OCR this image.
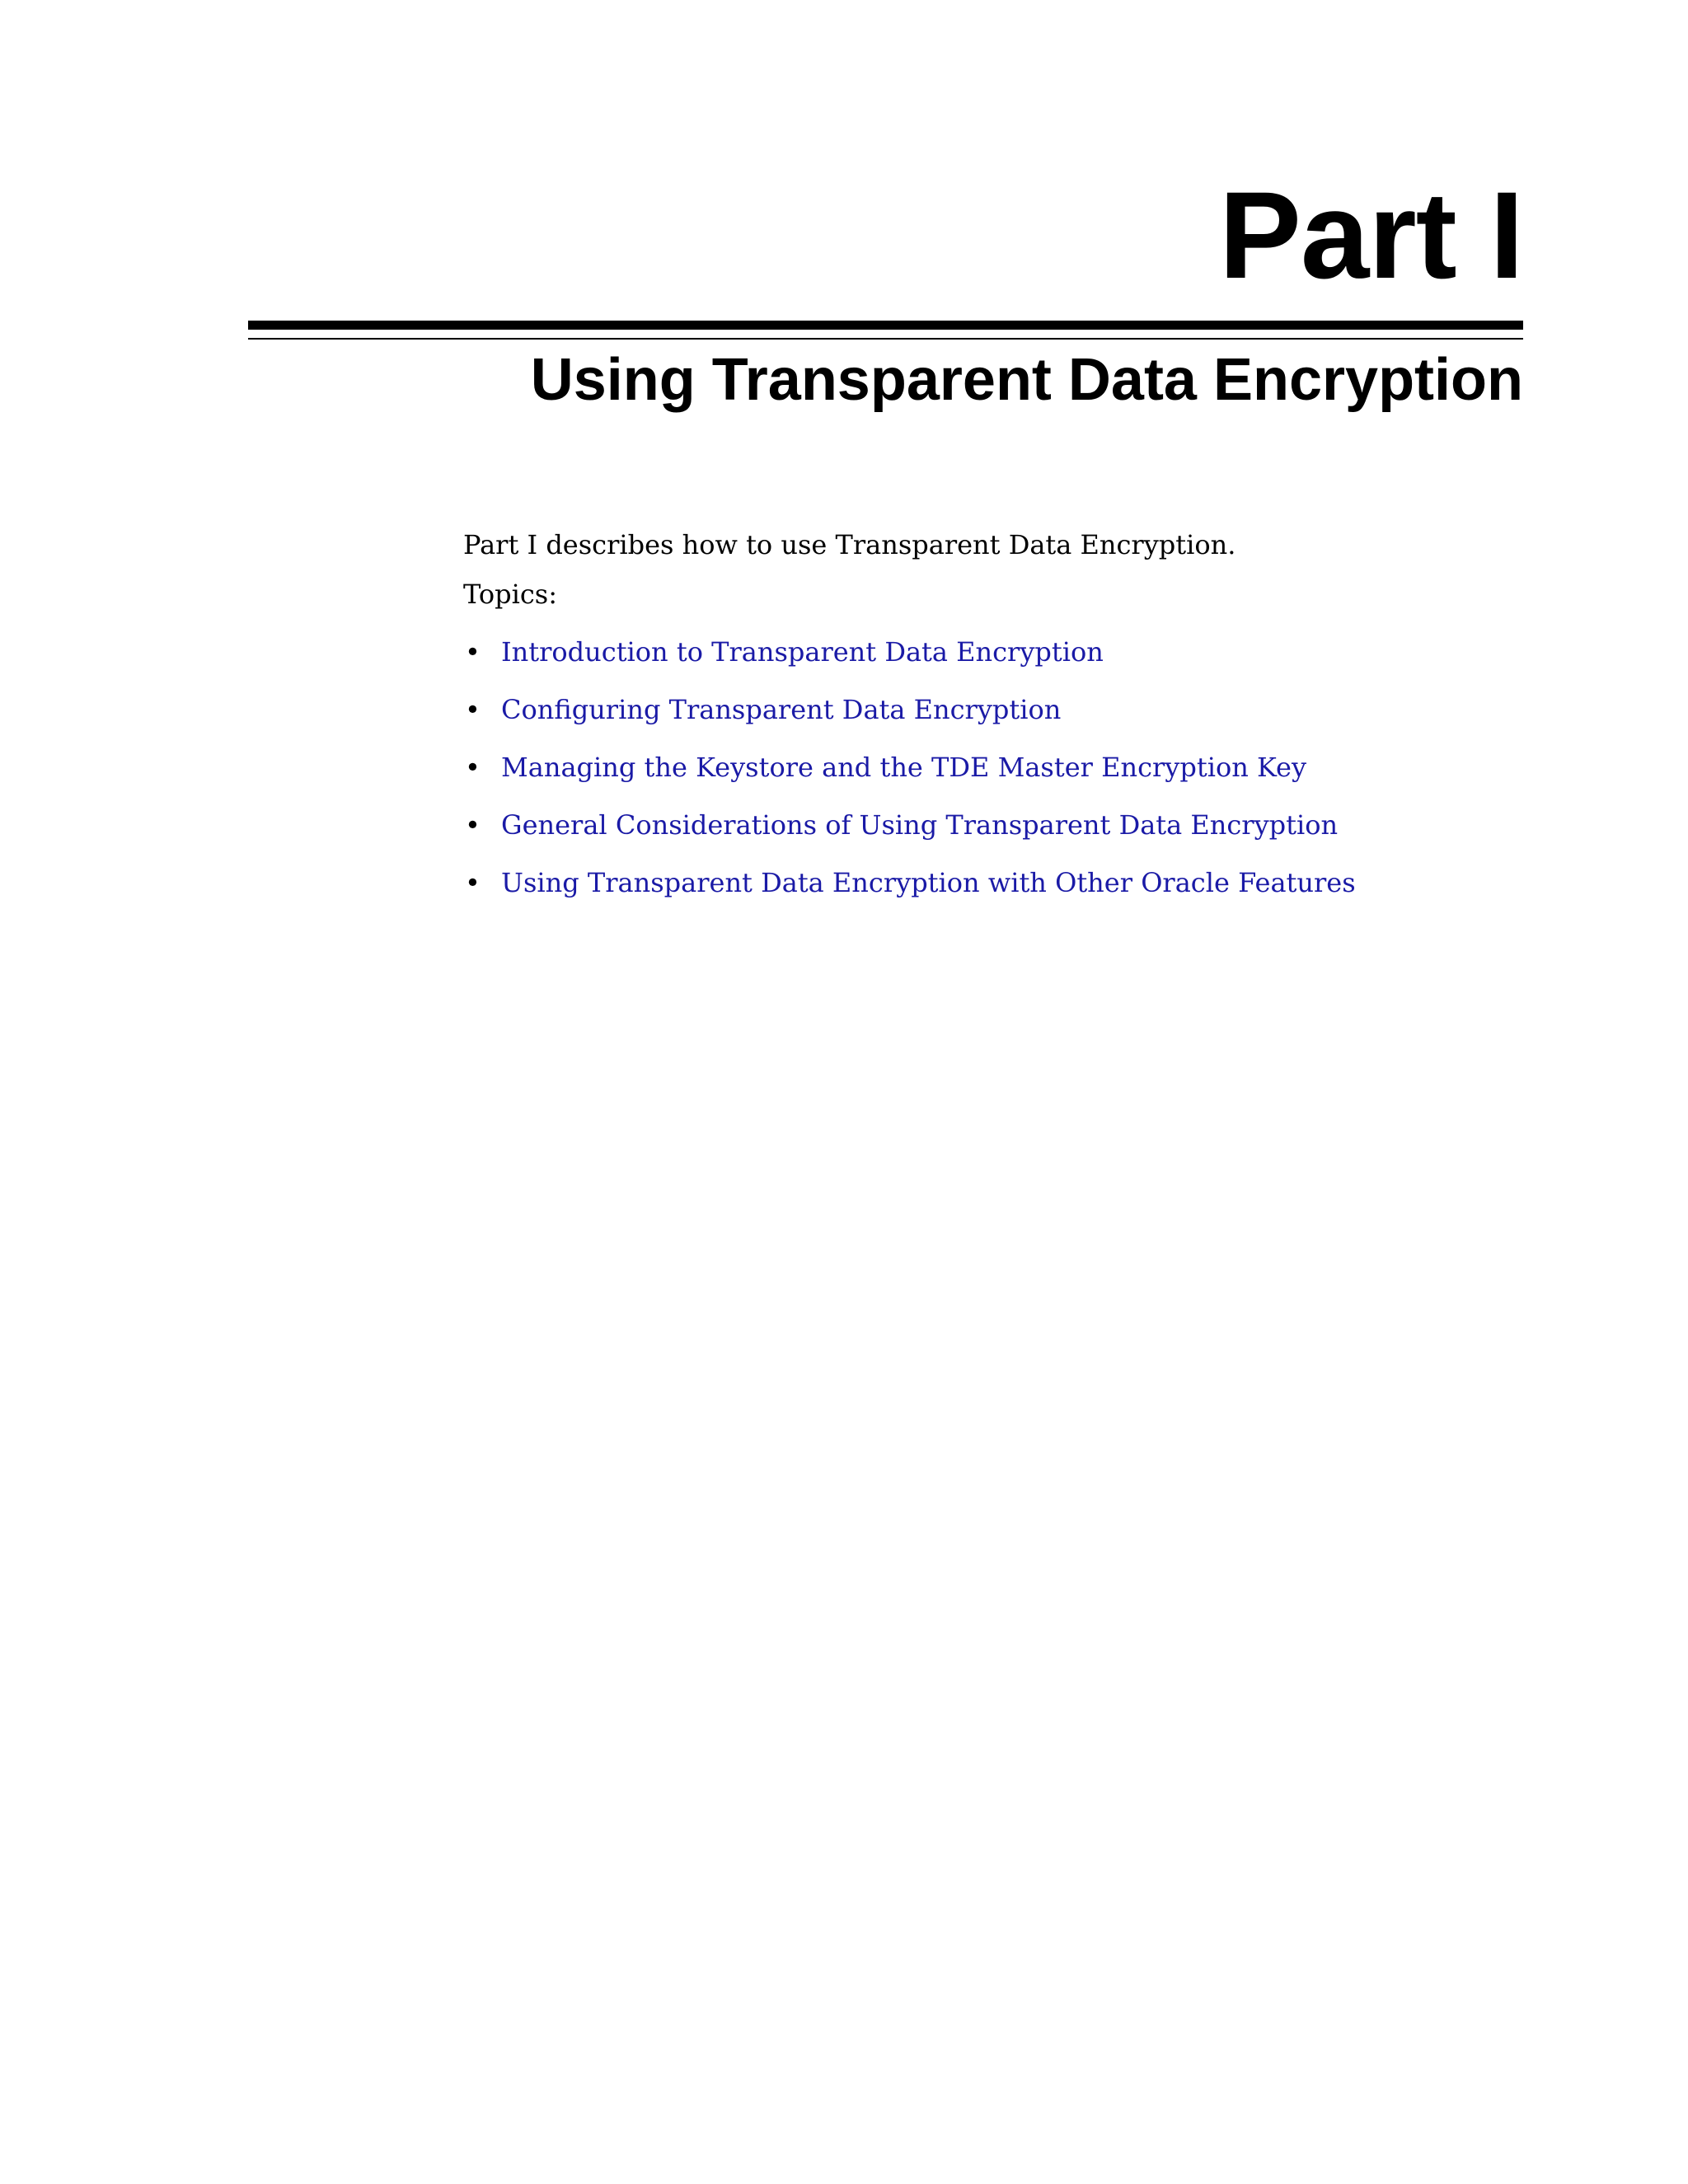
Part I
Using Transparent Data Encryption
Part I describes how to use Transparent Data Encryption.
Topics:
• Introduction to Transparent Data Encryption
• Configuring Transparent Data Encryption
• Managing the Keystore and the TDE Master Encryption Key
• General Considerations of Using Transparent Data Encryption
• Using Transparent Data Encryption with Other Oracle Features
